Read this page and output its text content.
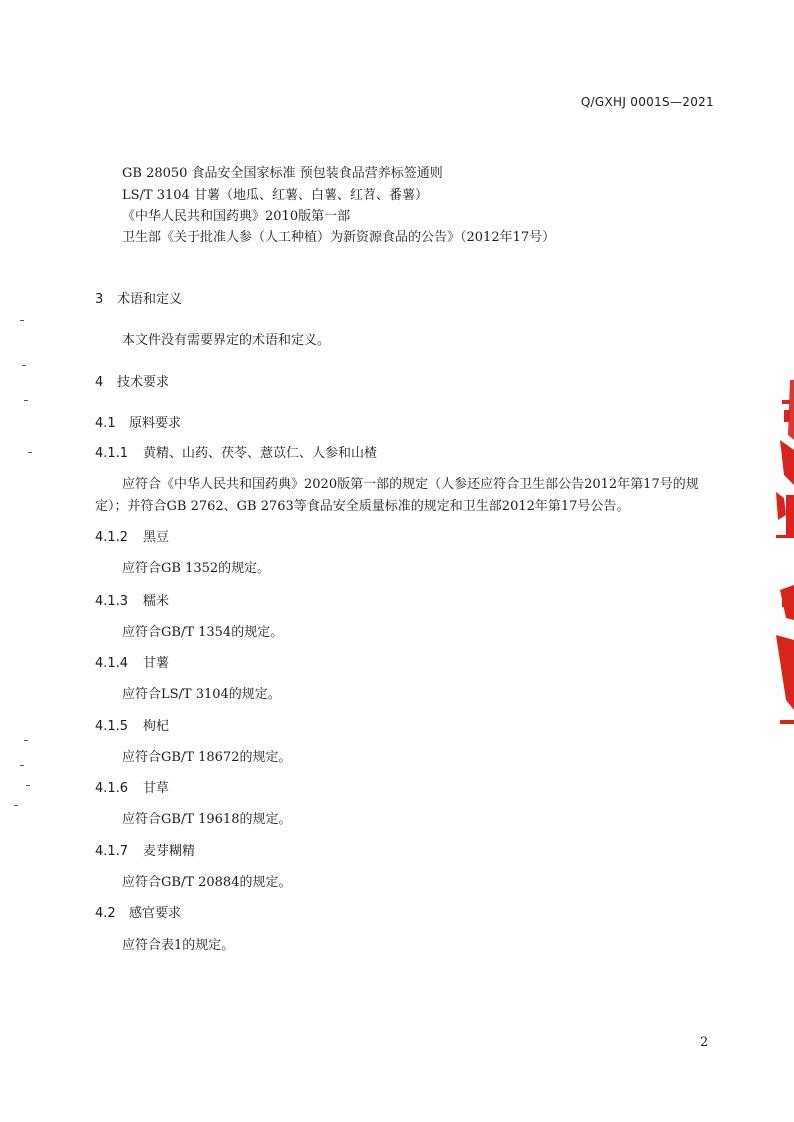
Q/GXHJ 0001S—2021
GB 28050 食品安全国家标准 预包装食品营养标签通则
LS/T 3104 甘薯（地瓜、红薯、白薯、红苕、番薯）
《中华人民共和国药典》2010版第一部
卫生部《关于批准人参（人工种植）为新资源食品的公告》（2012年17号）
3 术语和定义
本文件没有需要界定的术语和定义。
4 技术要求
4.1 原料要求
4.1.1 黄精、山药、茯苓、薏苡仁、人参和山楂
应符合《中华人民共和国药典》2020版第一部的规定（人参还应符合卫生部公告2012年第17号的规
定）；并符合GB 2762、GB 2763等食品安全质量标准的规定和卫生部2012年第17号公告。
4.1.2 黑豆
应符合GB 1352的规定。
4.1.3 糯米
应符合GB/T 1354的规定。
4.1.4 甘薯
应符合LS/T 3104的规定。
4.1.5 枸杞
应符合GB/T 18672的规定。
4.1.6 甘草
应符合GB/T 19618的规定。
4.1.7 麦芽糊精
应符合GB/T 20884的规定。
4.2 感官要求
应符合表1的规定。
2
